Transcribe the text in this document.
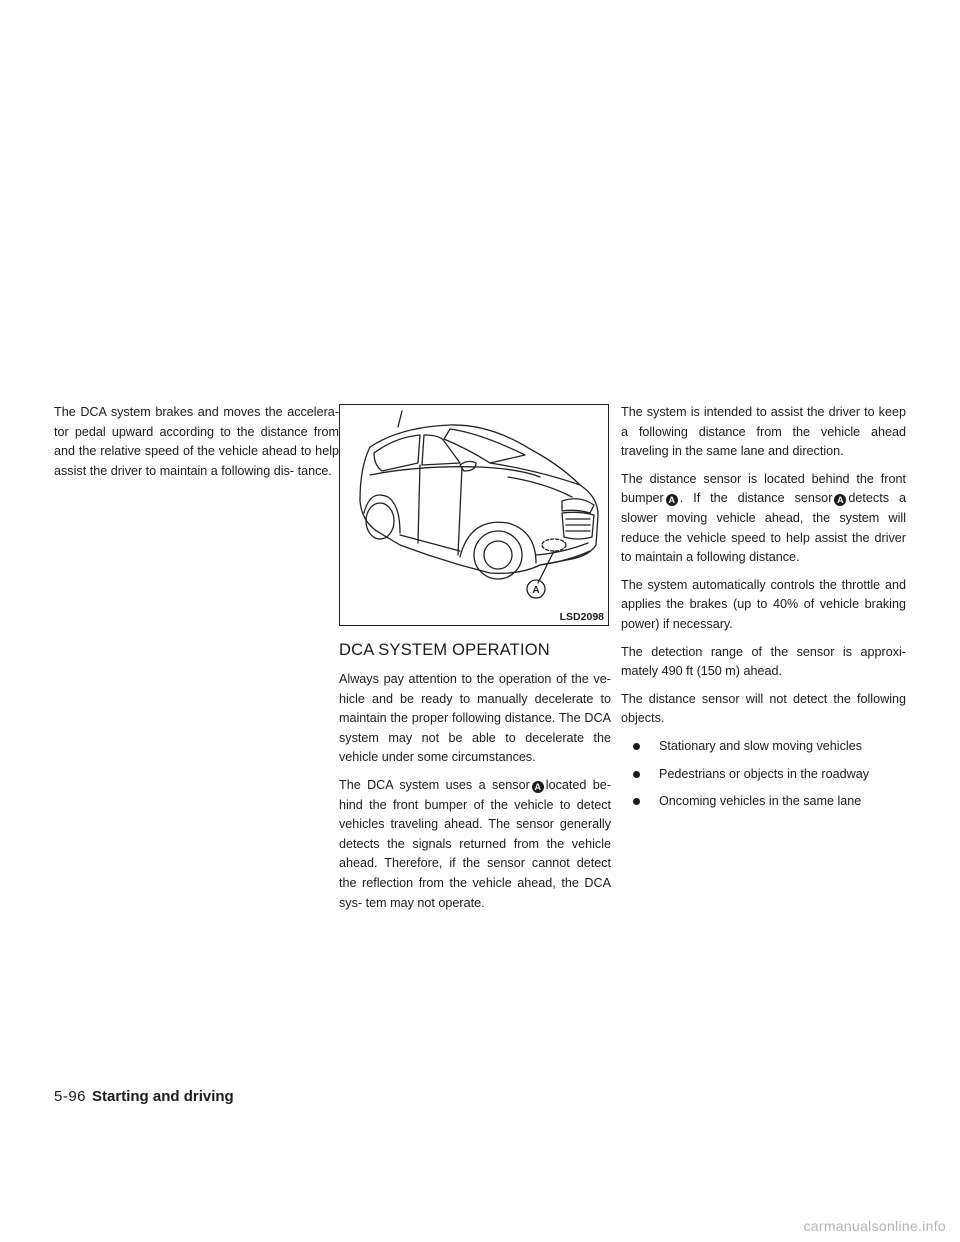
The DCA system brakes and moves the accelera- tor pedal upward according to the distance from and the relative speed of the vehicle ahead to help assist the driver to maintain a following dis- tance.

A
LSD2098
DCA SYSTEM OPERATION

Always pay attention to the operation of the ve- hicle and be ready to manually decelerate to maintain the proper following distance. The DCA system may not be able to decelerate the vehicle under some circumstances.

The DCA system uses a sensor A located be- hind the front bumper of the vehicle to detect vehicles traveling ahead. The sensor generally detects the signals returned from the vehicle ahead. Therefore, if the sensor cannot detect the reflection from the vehicle ahead, the DCA sys- tem may not operate.

The system is intended to assist the driver to keep a following distance from the vehicle ahead traveling in the same lane and direction.

The distance sensor is located behind the front bumper A . If the distance sensor A detects a slower moving vehicle ahead, the system will reduce the vehicle speed to help assist the driver to maintain a following distance.

The system automatically controls the throttle and applies the brakes (up to 40% of vehicle braking power) if necessary.

The detection range of the sensor is approxi- mately 490 ft (150 m) ahead.

The distance sensor will not detect the following objects.

Stationary and slow moving vehicles
Pedestrians or objects in the roadway
Oncoming vehicles in the same lane
5-96 Starting and driving
carmanualsonline.info
